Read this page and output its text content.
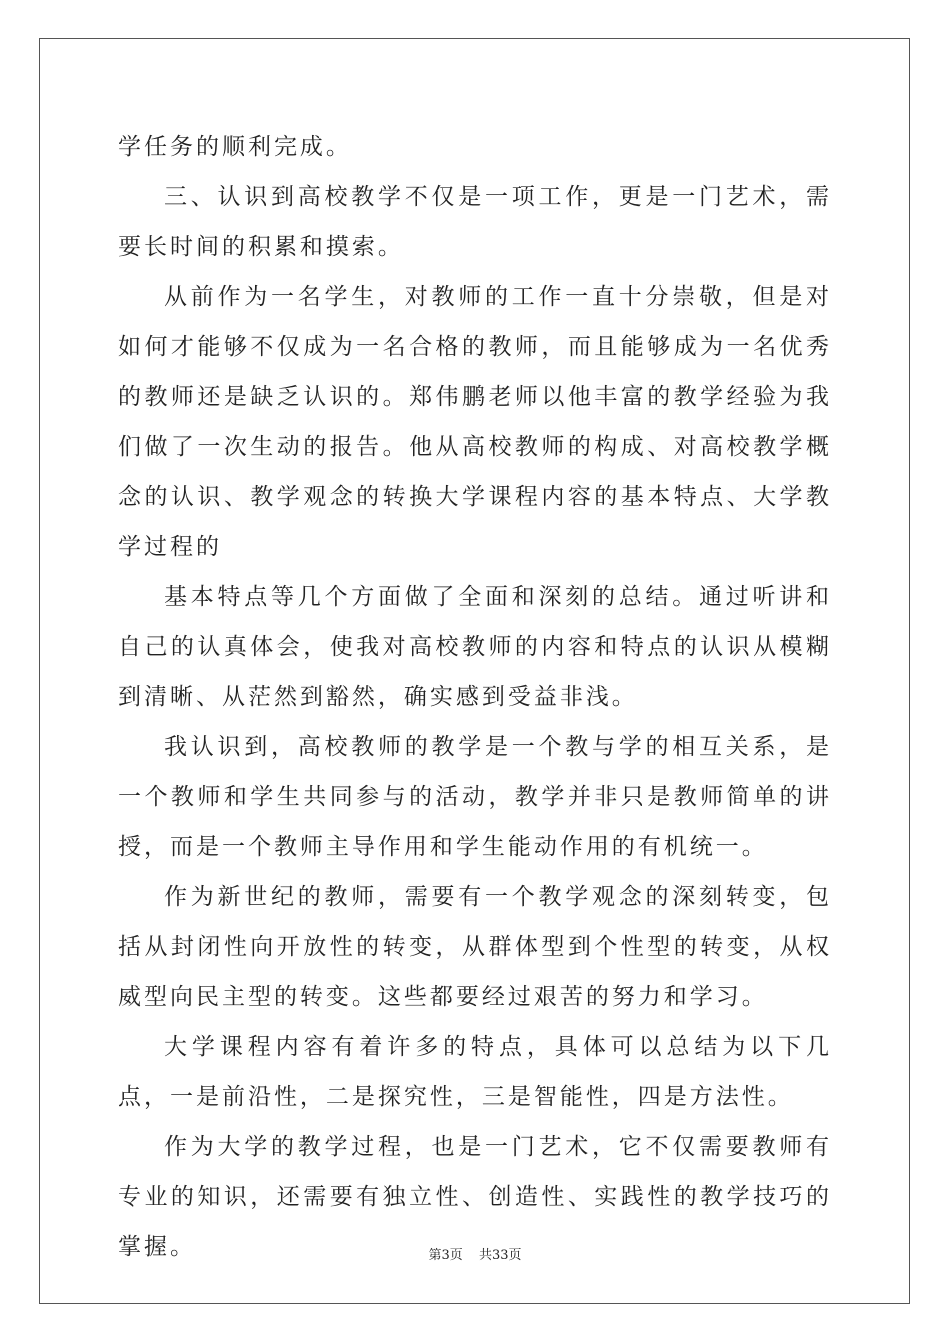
学任务的顺利完成。

三、认识到高校教学不仅是一项工作，更是一门艺术，需要长时间的积累和摸索。

从前作为一名学生，对教师的工作一直十分崇敬，但是对如何才能够不仅成为一名合格的教师，而且能够成为一名优秀的教师还是缺乏认识的。郑伟鹏老师以他丰富的教学经验为我们做了一次生动的报告。他从高校教师的构成、对高校教学概念的认识、教学观念的转换大学课程内容的基本特点、大学教学过程的

基本特点等几个方面做了全面和深刻的总结。通过听讲和自己的认真体会，使我对高校教师的内容和特点的认识从模糊到清晰、从茫然到豁然，确实感到受益非浅。

我认识到，高校教师的教学是一个教与学的相互关系，是一个教师和学生共同参与的活动，教学并非只是教师简单的讲授，而是一个教师主导作用和学生能动作用的有机统一。

作为新世纪的教师，需要有一个教学观念的深刻转变，包括从封闭性向开放性的转变，从群体型到个性型的转变，从权威型向民主型的转变。这些都要经过艰苦的努力和学习。

大学课程内容有着许多的特点，具体可以总结为以下几点，一是前沿性，二是探究性，三是智能性，四是方法性。

作为大学的教学过程，也是一门艺术，它不仅需要教师有专业的知识，还需要有独立性、创造性、实践性的教学技巧的掌握。	第3页 共33页
